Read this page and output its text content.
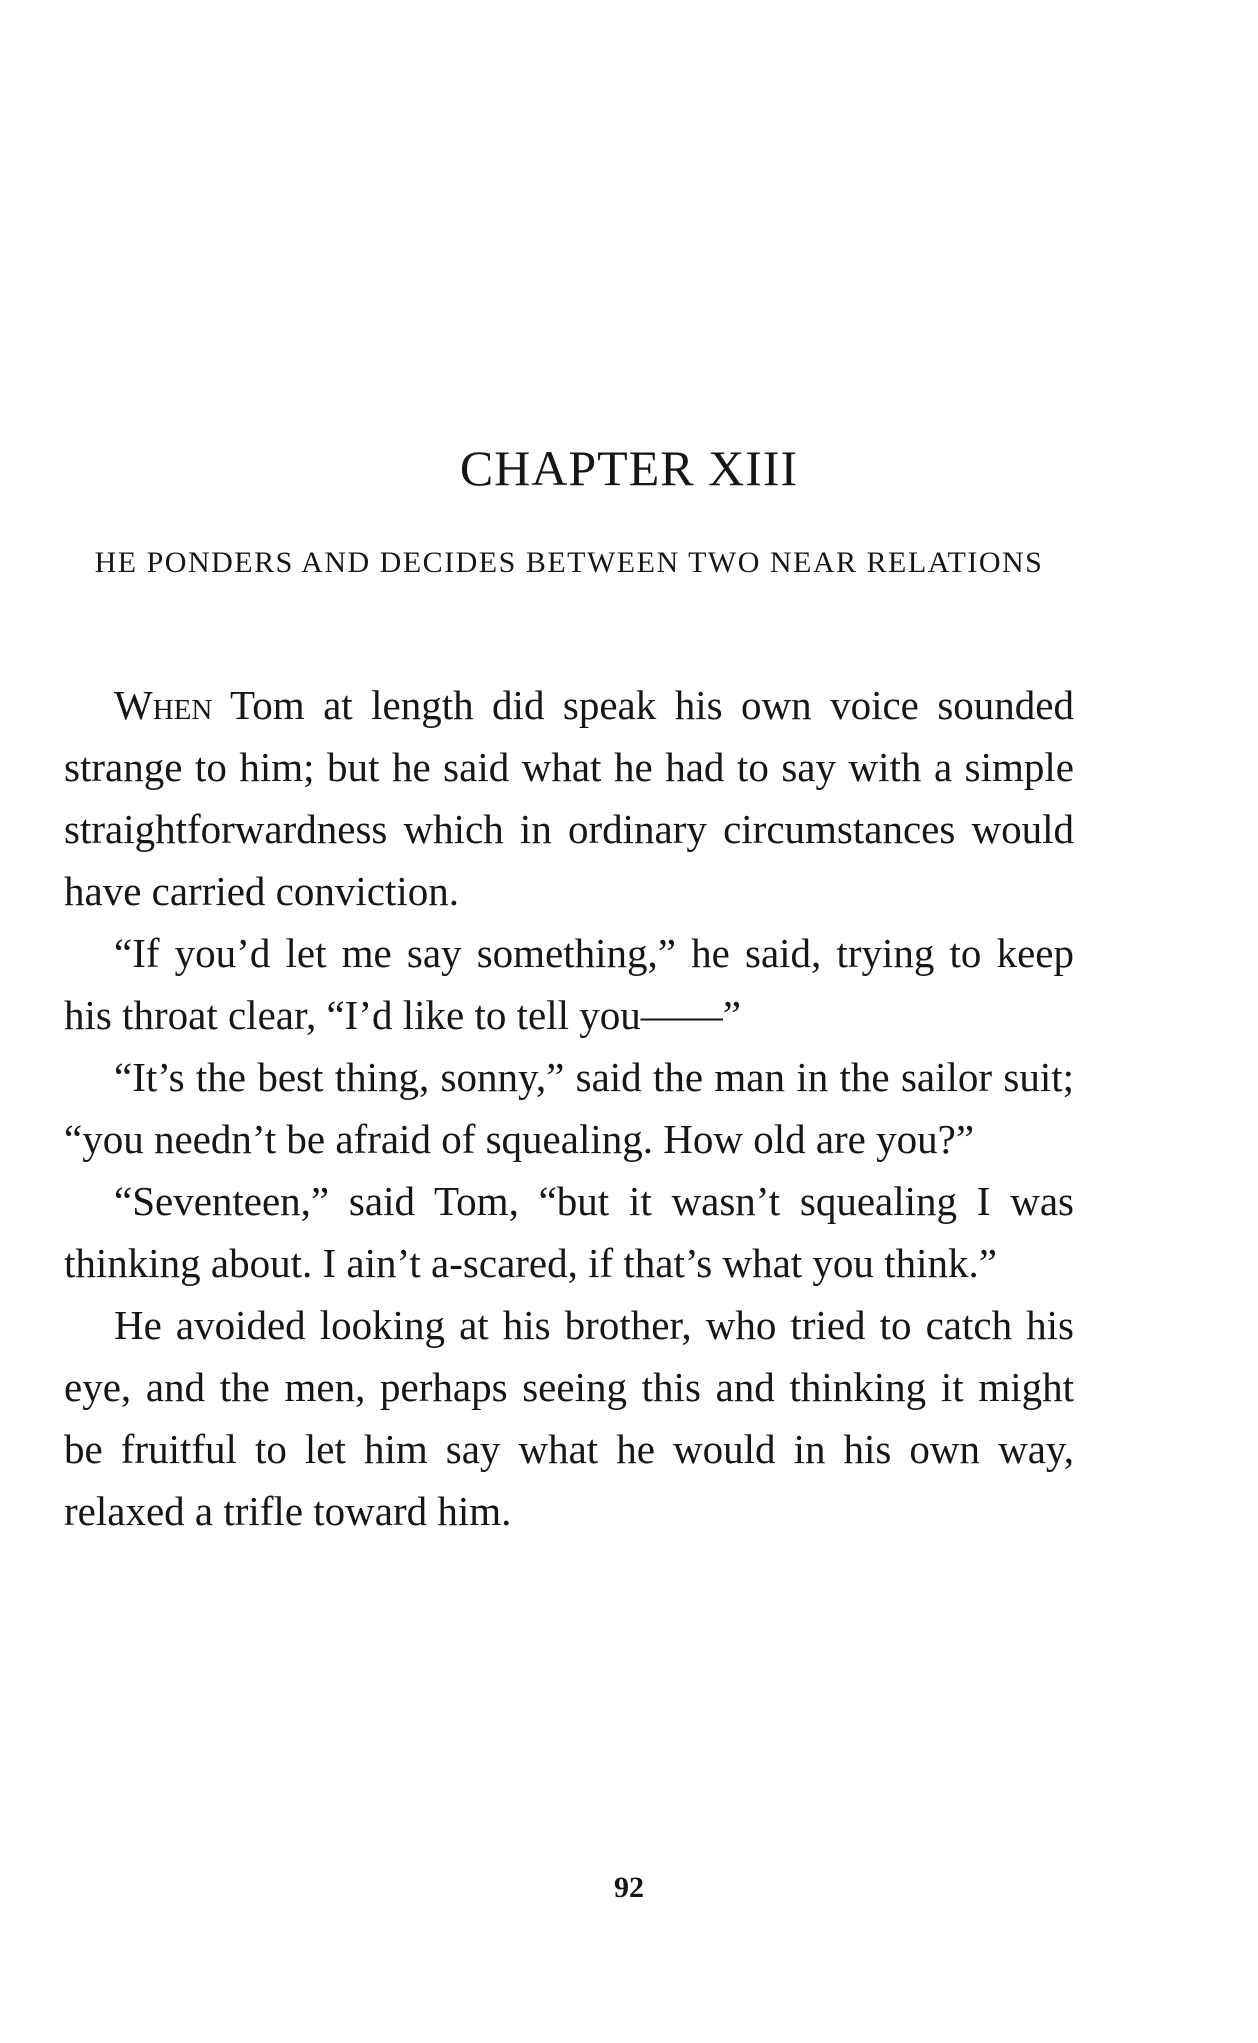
CHAPTER XIII
HE PONDERS AND DECIDES BETWEEN TWO NEAR RELATIONS

When Tom at length did speak his own voice sounded strange to him; but he said what he had to say with a simple straightforwardness which in ordinary circumstances would have carried conviction.

“If you’d let me say something,” he said, trying to keep his throat clear, “I’d like to tell you——”

“It’s the best thing, sonny,” said the man in the sailor suit; “you needn’t be afraid of squealing. How old are you?”

“Seventeen,” said Tom, “but it wasn’t squealing I was thinking about. I ain’t a-scared, if that’s what you think.”

He avoided looking at his brother, who tried to catch his eye, and the men, perhaps seeing this and thinking it might be fruitful to let him say what he would in his own way, relaxed a trifle toward him.

92
